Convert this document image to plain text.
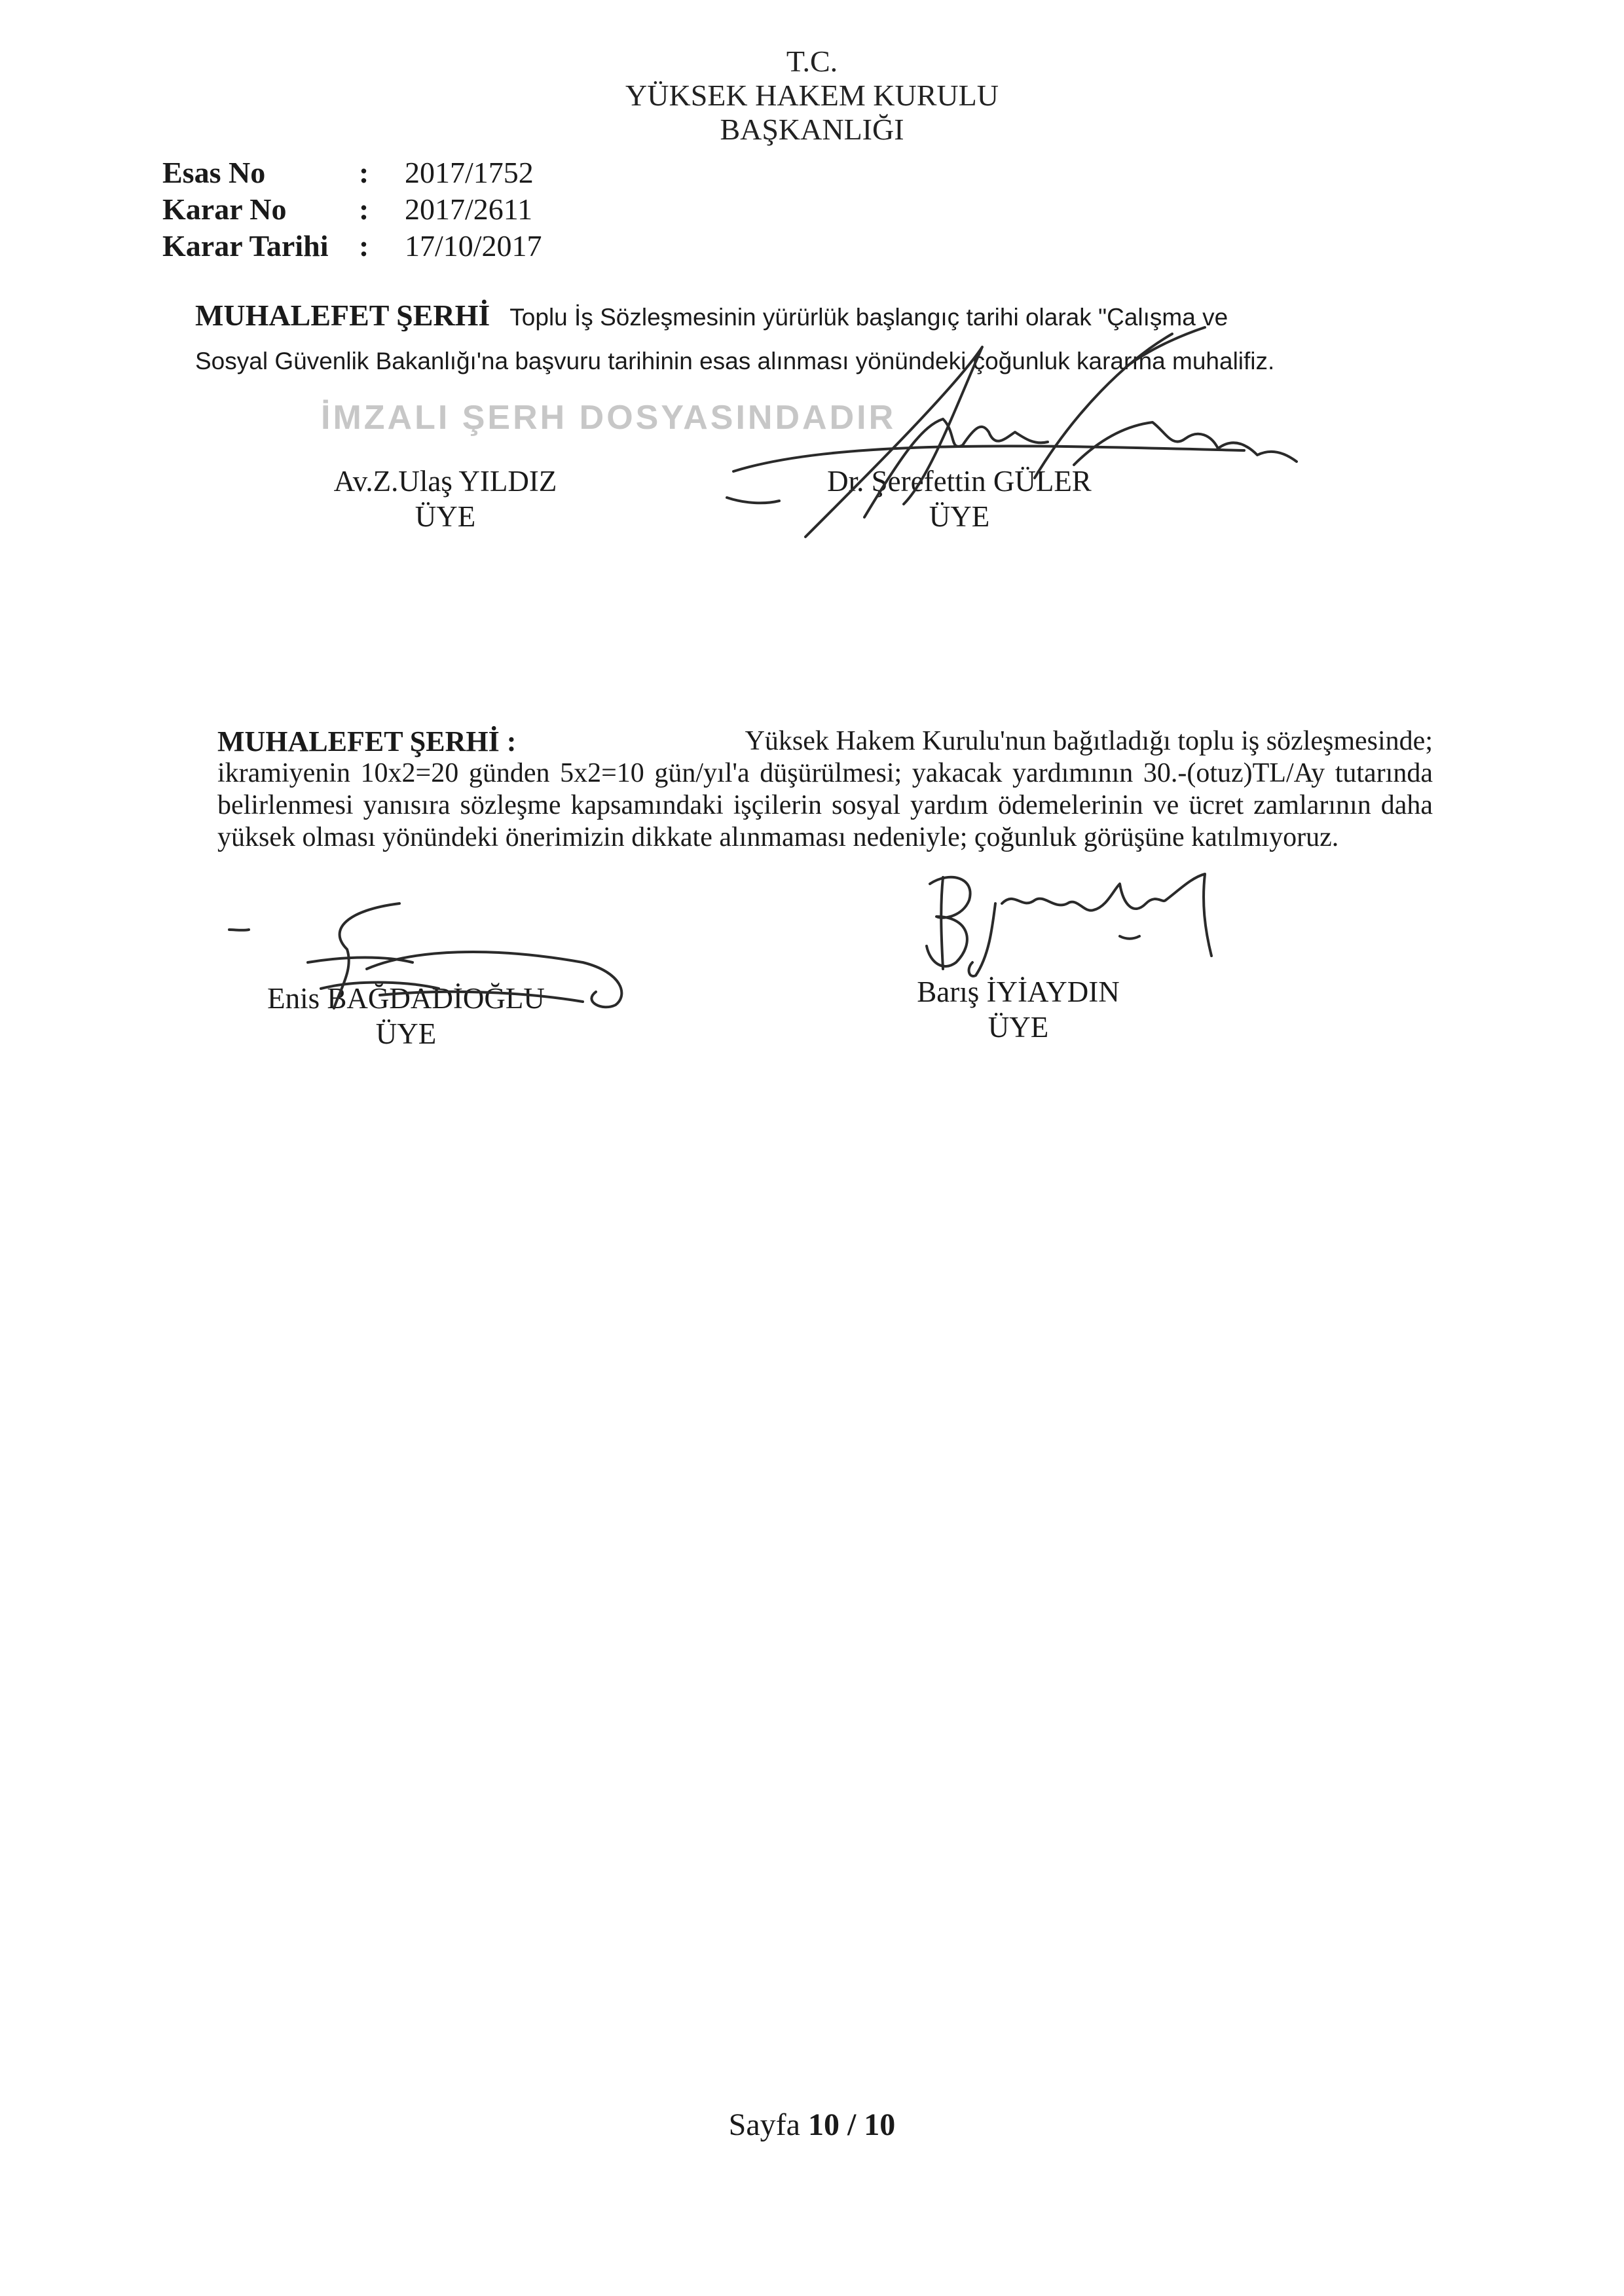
T.C.
YÜKSEK HAKEM KURULU
BAŞKANLIĞI
Esas No	:	2017/1752
Karar No	:	2017/2611
Karar Tarihi	:	17/10/2017
MUHALEFET ŞERHİ Toplu İş Sözleşmesinin yürürlük başlangıç tarihi olarak "Çalışma ve
Sosyal Güvenlik Bakanlığı'na başvuru tarihinin esas alınması yönündeki çoğunluk kararına muhalifiz.
İMZALI ŞERH DOSYASINDADIR
Av.Z.Ulaş YILDIZ
ÜYE
Dr. Şerefettin GÜLER
ÜYE
MUHALEFET ŞERHİ :	Yüksek Hakem Kurulu'nun bağıtladığı toplu iş sözleşmesinde;
ikramiyenin 10x2=20 günden 5x2=10 gün/yıl'a düşürülmesi; yakacak yardımının 30.-(otuz)TL/Ay tutarında belirlenmesi yanısıra sözleşme kapsamındaki işçilerin sosyal yardım ödemelerinin ve ücret zamlarının daha yüksek olması yönündeki önerimizin dikkate alınmaması nedeniyle; çoğunluk görüşüne katılmıyoruz.
Enis BAĞDADİOĞLU
ÜYE
Barış İYİAYDIN
ÜYE
Sayfa 10 / 10
